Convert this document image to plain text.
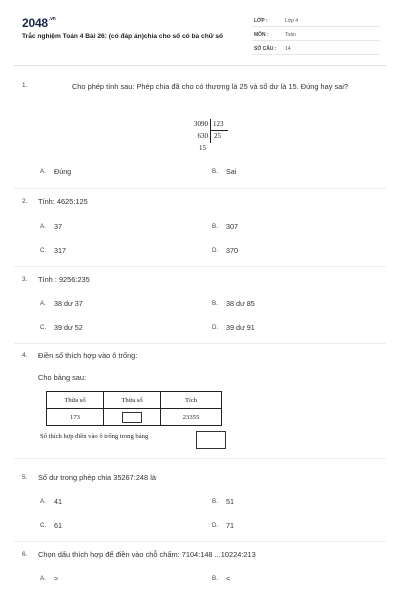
$2048^{.vn}$
Trắc nghiệm Toán 4 Bài 26: (có đáp án)chia cho số có ba chữ số
LỚP :	Lớp 4
MÔN :	Toán
SỐ CÂU : 14
1.	Cho phép tính sau: Phép chia đã cho có thương là 25 và số dư là 15. Đúng hay sai?
3090
630
15
123
25
A. Đúng	B. Sai
2. Tính: 4625:125
A. 37	B. 307
C. 317	D. 370
3. Tính : 9256:235
A. 38 dư 37	B. 38 dư 85
C. 39 dư 52	D. 39 dư 91
4. Điền số thích hợp vào ô trống:
Cho bảng sau:
Thừa số	Thừa số	Tích
173		23355
Số thích hợp điền vào ô trống trong bảng
5. Số dư trong phép chia 35267:248 là
A. 41	B. 51
C. 61	D. 71
6. Chọn dấu thích hợp để điền vào chỗ chấm: 7104:148 ...10224:213
A. >	B. <
